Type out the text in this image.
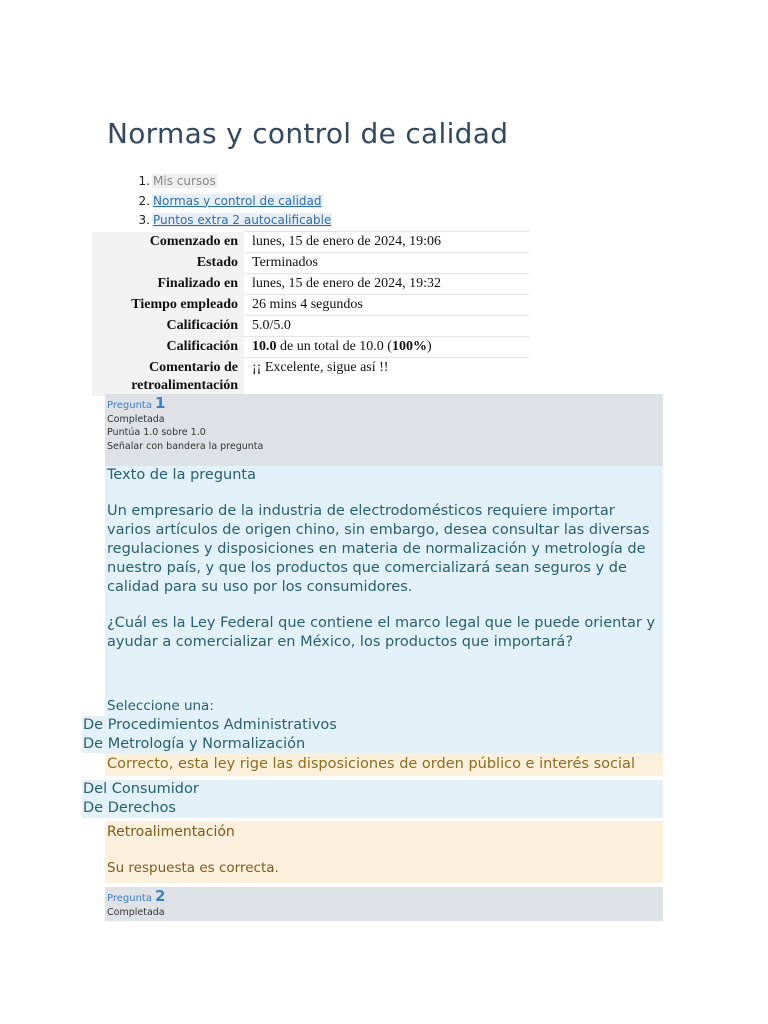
Normas y control de calidad
1. Mis cursos
2. Normas y control de calidad
3. Puntos extra 2 autocalificable
Comenzado en	lunes, 15 de enero de 2024, 19:06
Estado	Terminados
Finalizado en	lunes, 15 de enero de 2024, 19:32
Tiempo empleado	26 mins 4 segundos
Calificación	5.0/5.0
Calificación	10.0 de un total de 10.0 (100%)
Comentario de
retroalimentación	¡¡ Excelente, sigue así !!
Pregunta 1
Completada
Puntúa 1.0 sobre 1.0
Señalar con bandera la pregunta
Texto de la pregunta

Un empresario de la industria de electrodomésticos requiere importar varios artículos de origen chino, sin embargo, desea consultar las diversas regulaciones y disposiciones en materia de normalización y metrología de nuestro país, y que los productos que comercializará sean seguros y de calidad para su uso por los consumidores.

¿Cuál es la Ley Federal que contiene el marco legal que le puede orientar y ayudar a comercializar en México, los productos que importará?

Seleccione una:
De Procedimientos Administrativos
De Metrología y Normalización
Correcto, esta ley rige las disposiciones de orden público e interés social
Del Consumidor
De Derechos
Retroalimentación
Su respuesta es correcta.
Pregunta 2
Completada
